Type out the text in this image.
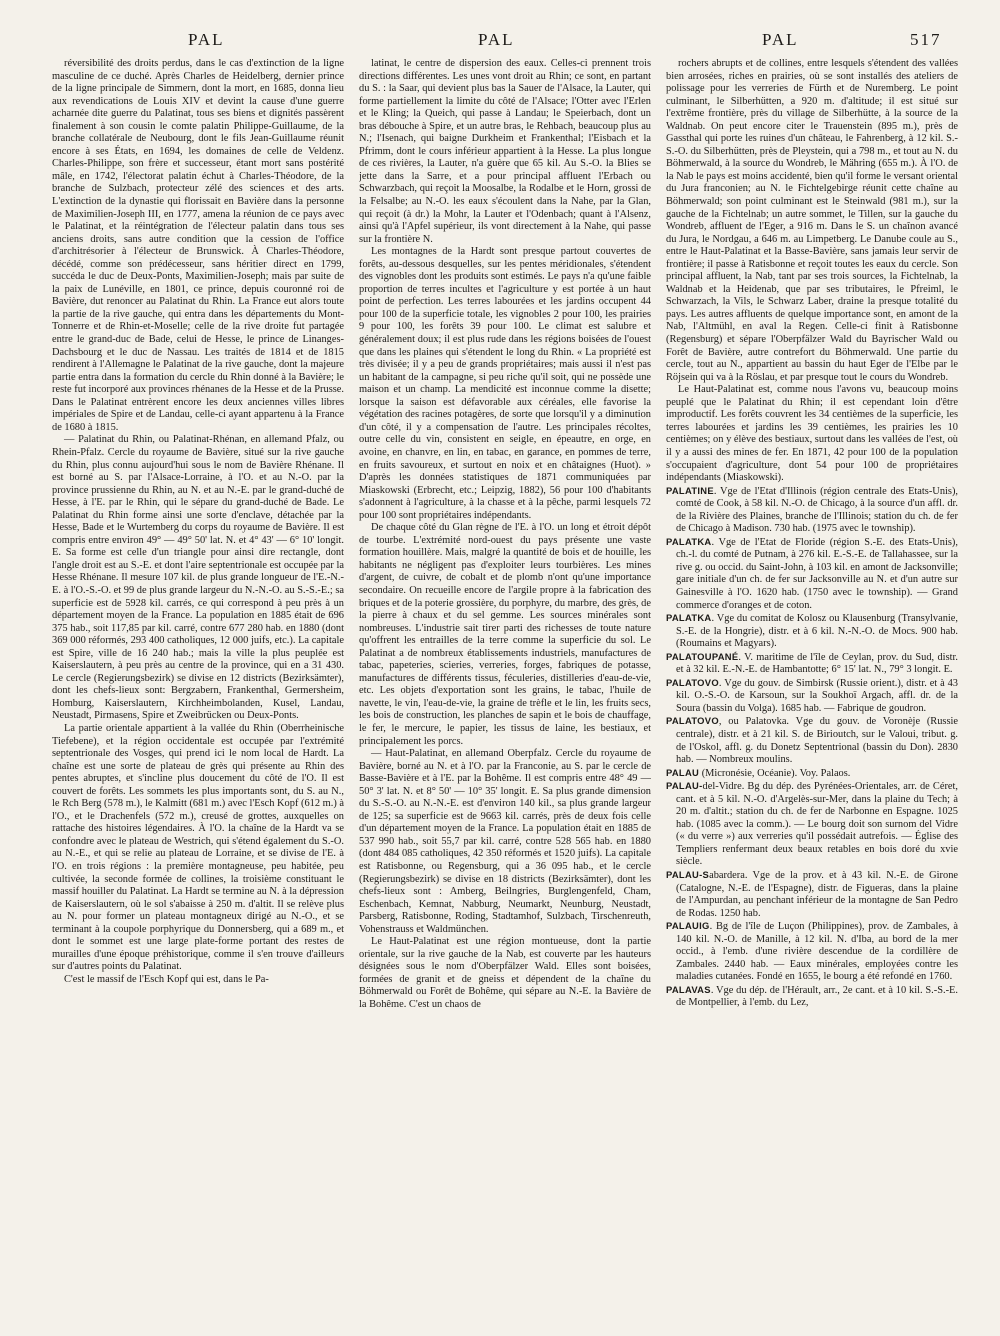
PAL	PAL	PAL	517

réversibilité des droits perdus, dans le cas d'extinction de la ligne masculine de ce duché. Après Charles de Heidelberg, dernier prince de la ligne principale de Simmern, dont la mort, en 1685, donna lieu aux revendications de Louis XIV et devint la cause d'une guerre acharnée dite guerre du Palatinat, tous ses biens et dignités passèrent finalement à son cousin le comte palatin Philippe-Guillaume, de la branche collatérale de Neubourg, dont le fils Jean-Guillaume réunit encore à ses États, en 1694, les domaines de celle de Veldenz. Charles-Philippe, son frère et successeur, étant mort sans postérité mâle, en 1742, l'électorat palatin échut à Charles-Théodore, de la branche de Sulzbach, protecteur zélé des sciences et des arts. L'extinction de la dynastie qui florissait en Bavière dans la personne de Maximilien-Joseph III, en 1777, amena la réunion de ce pays avec le Palatinat, et la réintégration de l'électeur palatin dans tous ses anciens droits, sans autre condition que la cession de l'office d'architrésorier à l'électeur de Brunswick. À Charles-Théodore, décédé, comme son prédécesseur, sans héritier direct en 1799, succéda le duc de Deux-Ponts, Maximilien-Joseph; mais par suite de la paix de Lunéville, en 1801, ce prince, depuis couronné roi de Bavière, dut renoncer au Palatinat du Rhin. La France eut alors toute la partie de la rive gauche, qui entra dans les départements du Mont-Tonnerre et de Rhin-et-Moselle; celle de la rive droite fut partagée entre le grand-duc de Bade, celui de Hesse, le prince de Linanges-Dachsbourg et le duc de Nassau. Les traités de 1814 et de 1815 rendirent à l'Allemagne le Palatinat de la rive gauche, dont la majeure partie entra dans la formation du cercle du Rhin donné à la Bavière; le reste fut incorporé aux provinces rhénanes de la Hesse et de la Prusse. Dans le Palatinat entrèrent encore les deux anciennes villes libres impériales de Spire et de Landau, celle-ci ayant appartenu à la France de 1680 à 1815.

— Palatinat du Rhin, ou Palatinat-Rhénan, en allemand Pfalz, ou Rhein-Pfalz. Cercle du royaume de Bavière, situé sur la rive gauche du Rhin, plus connu aujourd'hui sous le nom de Bavière Rhénane. Il est borné au S. par l'Alsace-Lorraine, à l'O. et au N.-O. par la province prussienne du Rhin, au N. et au N.-E. par le grand-duché de Hesse, à l'E. par le Rhin, qui le sépare du grand-duché de Bade. Le Palatinat du Rhin forme ainsi une sorte d'enclave, détachée par la Hesse, Bade et le Wurtemberg du corps du royaume de Bavière. Il est compris entre environ 49° — 49° 50' lat. N. et 4° 43' — 6° 10' longit. E. Sa forme est celle d'un triangle pour ainsi dire rectangle, dont l'angle droit est au S.-E. et dont l'aire septentrionale est occupée par la Hesse Rhénane. Il mesure 107 kil. de plus grande longueur de l'E.-N.-E. à l'O.-S.-O. et 99 de plus grande largeur du N.-N.-O. au S.-S.-E.; sa superficie est de 5928 kil. carrés, ce qui correspond à peu près à un département moyen de la France. La population en 1885 était de 696 375 hab., soit 117,85 par kil. carré, contre 677 280 hab. en 1880 (dont 369 000 réformés, 293 400 catholiques, 12 000 juifs, etc.). La capitale est Spire, ville de 16 240 hab.; mais la ville la plus peuplée est Kaiserslautern, à peu près au centre de la province, qui en a 31 430. Le cercle (Regierungsbezirk) se divise en 12 districts (Bezirksämter), dont les chefs-lieux sont: Bergzabern, Frankenthal, Germersheim, Homburg, Kaiserslautern, Kirchheimbolanden, Kusel, Landau, Neustadt, Pirmasens, Spire et Zweibrücken ou Deux-Ponts.

La partie orientale appartient à la vallée du Rhin (Oberrheinische Tiefebene), et la région occidentale est occupée par l'extrémité septentrionale des Vosges, qui prend ici le nom local de Hardt. La chaîne est une sorte de plateau de grès qui présente au Rhin des pentes abruptes, et s'incline plus doucement du côté de l'O. Il est couvert de forêts. Les sommets les plus importants sont, du S. au N., le Rch Berg (578 m.), le Kalmitt (681 m.) avec l'Esch Kopf (612 m.) à l'O., et le Drachenfels (572 m.), creusé de grottes, auxquelles on rattache des histoires légendaires. À l'O. la chaîne de la Hardt va se confondre avec le plateau de Westrich, qui s'étend également du S.-O. au N.-E., et qui se relie au plateau de Lorraine, et se divise de l'E. à l'O. en trois régions : la première montagneuse, peu habitée, peu cultivée, la seconde formée de collines, la troisième constituant le massif houiller du Palatinat. La Hardt se termine au N. à la dépression de Kaiserslautern, où le sol s'abaisse à 250 m. d'altit. Il se relève plus au N. pour former un plateau montagneux dirigé au N.-O., et se terminant à la coupole porphyrique du Donnersberg, qui a 689 m., et dont le sommet est une large plate-forme portant des restes de murailles d'une époque préhistorique, comme il s'en trouve d'ailleurs sur d'autres points du Palatinat.

C'est le massif de l'Esch Kopf qui est, dans le Pa-

latinat, le centre de dispersion des eaux. Celles-ci prennent trois directions différentes. Les unes vont droit au Rhin; ce sont, en partant du S. : la Saar, qui devient plus bas la Sauer de l'Alsace, la Lauter, qui forme partiellement la limite du côté de l'Alsace; l'Otter avec l'Erlen et le Kling; la Queich, qui passe à Landau; le Speierbach, dont un bras débouche à Spire, et un autre bras, le Rehbach, beaucoup plus au N.; l'Isenach, qui baigne Durkheim et Frankenthal; l'Eisbach et la Pfrimm, dont le cours inférieur appartient à la Hesse. La plus longue de ces rivières, la Lauter, n'a guère que 65 kil. Au S.-O. la Blies se jette dans la Sarre, et a pour principal affluent l'Erbach ou Schwarzbach, qui reçoit la Moosalbe, la Rodalbe et le Horn, grossi de la Felsalbe; au N.-O. les eaux s'écoulent dans la Nahe, par la Glan, qui reçoit (à dr.) la Mohr, la Lauter et l'Odenbach; quant à l'Alsenz, ainsi qu'à l'Apfel supérieur, ils vont directement à la Nahe, qui passe sur la frontière N.

Les montagnes de la Hardt sont presque partout couvertes de forêts, au-dessous desquelles, sur les pentes méridionales, s'étendent des vignobles dont les produits sont estimés. Le pays n'a qu'une faible proportion de terres incultes et l'agriculture y est portée à un haut point de perfection. Les terres labourées et les jardins occupent 44 pour 100 de la superficie totale, les vignobles 2 pour 100, les prairies 9 pour 100, les forêts 39 pour 100. Le climat est salubre et généralement doux; il est plus rude dans les régions boisées de l'ouest que dans les plaines qui s'étendent le long du Rhin. « La propriété est très divisée; il y a peu de grands propriétaires; mais aussi il n'est pas un habitant de la campagne, si peu riche qu'il soit, qui ne possède une maison et un champ. La mendicité est inconnue comme la disette; lorsque la saison est défavorable aux céréales, elle favorise la végétation des racines potagères, de sorte que lorsqu'il y a diminution d'un côté, il y a compensation de l'autre. Les principales récoltes, outre celle du vin, consistent en seigle, en épeautre, en orge, en avoine, en chanvre, en lin, en tabac, en garance, en pommes de terre, en fruits savoureux, et surtout en noix et en châtaignes (Huot). » D'après les données statistiques de 1871 communiquées par Miaskowski (Erbrecht, etc.; Leipzig, 1882), 56 pour 100 d'habitants s'adonnent à l'agriculture, à la chasse et à la pêche, parmi lesquels 72 pour 100 sont propriétaires indépendants.

De chaque côté du Glan règne de l'E. à l'O. un long et étroit dépôt de tourbe. L'extrémité nord-ouest du pays présente une vaste formation houillère. Mais, malgré la quantité de bois et de houille, les habitants ne négligent pas d'exploiter leurs tourbières. Les mines d'argent, de cuivre, de cobalt et de plomb n'ont qu'une importance secondaire. On recueille encore de l'argile propre à la fabrication des briques et de la poterie grossière, du porphyre, du marbre, des grès, de la pierre à chaux et du sel gemme. Les sources minérales sont nombreuses. L'industrie sait tirer parti des richesses de toute nature qu'offrent les entrailles de la terre comme la superficie du sol. Le Palatinat a de nombreux établissements industriels, manufactures de tabac, papeteries, scieries, verreries, forges, fabriques de potasse, manufactures de différents tissus, féculeries, distilleries d'eau-de-vie, etc. Les objets d'exportation sont les grains, le tabac, l'huile de navette, le vin, l'eau-de-vie, la graine de trèfle et le lin, les fruits secs, les bois de construction, les planches de sapin et le bois de chauffage, le fer, le mercure, le papier, les tissus de laine, les bestiaux, et principalement les porcs.

— Haut-Palatinat, en allemand Oberpfalz. Cercle du royaume de Bavière, borné au N. et à l'O. par la Franconie, au S. par le cercle de Basse-Bavière et à l'E. par la Bohême. Il est compris entre 48° 49 — 50° 3' lat. N. et 8° 50' — 10° 35' longit. E. Sa plus grande dimension du S.-S.-O. au N.-N.-E. est d'environ 140 kil., sa plus grande largeur de 125; sa superficie est de 9663 kil. carrés, près de deux fois celle d'un département moyen de la France. La population était en 1885 de 537 990 hab., soit 55,7 par kil. carré, contre 528 565 hab. en 1880 (dont 484 085 catholiques, 42 350 réformés et 1520 juifs). La capitale est Ratisbonne, ou Regensburg, qui a 36 095 hab., et le cercle (Regierungsbezirk) se divise en 18 districts (Bezirksämter), dont les chefs-lieux sont : Amberg, Beilngries, Burglengenfeld, Cham, Eschenbach, Kemnat, Nabburg, Neumarkt, Neunburg, Neustadt, Parsberg, Ratisbonne, Roding, Stadtamhof, Sulzbach, Tirschenreuth, Vohenstrauss et Waldmünchen.

Le Haut-Palatinat est une région montueuse, dont la partie orientale, sur la rive gauche de la Nab, est couverte par les hauteurs désignées sous le nom d'Oberpfälzer Wald. Elles sont boisées, formées de granit et de gneiss et dépendent de la chaîne du Böhmerwald ou Forêt de Bohême, qui sépare au N.-E. la Bavière de la Bohême. C'est un chaos de

rochers abrupts et de collines, entre lesquels s'étendent des vallées bien arrosées, riches en prairies, où se sont installés des ateliers de polissage pour les verreries de Fürth et de Nuremberg. Le point culminant, le Silberhütten, a 920 m. d'altitude; il est situé sur l'extrême frontière, près du village de Silberhütte, à la source de la Waldnab. On peut encore citer le Trauenstein (895 m.), près de Gassthal qui porte les ruines d'un château, le Fahrenberg, à 12 kil. S.-S.-O. du Silberhütten, près de Pleystein, qui a 798 m., et tout au N. du Böhmerwald, à la source du Wondreb, le Mähring (655 m.). À l'O. de la Nab le pays est moins accidenté, bien qu'il forme le versant oriental du Jura franconien; au N. le Fichtelgebirge réunit cette chaîne au Böhmerwald; son point culminant est le Steinwald (981 m.), sur la gauche de la Fichtelnab; un autre sommet, le Tillen, sur la gauche du Wondreb, affluent de l'Eger, a 916 m. Dans le S. un chaînon avancé du Jura, le Nordgau, a 646 m. au Limpetberg. Le Danube coule au S., entre le Haut-Palatinat et la Basse-Bavière, sans jamais leur servir de frontière; il passe à Ratisbonne et reçoit toutes les eaux du cercle. Son principal affluent, la Nab, tant par ses trois sources, la Fichtelnab, la Waldnab et la Heidenab, que par ses tributaires, le Pfreiml, le Schwarzach, la Vils, le Schwarz Laber, draine la presque totalité du pays. Les autres affluents de quelque importance sont, en amont de la Nab, l'Altmühl, en aval la Regen. Celle-ci finit à Ratisbonne (Regensburg) et sépare l'Oberpfälzer Wald du Bayrischer Wald ou Forêt de Bavière, autre contrefort du Böhmerwald. Une partie du cercle, tout au N., appartient au bassin du haut Eger de l'Elbe par le Röjsein qui va à la Röslau, et par presque tout le cours du Wondreb.

Le Haut-Palatinat est, comme nous l'avons vu, beaucoup moins peuplé que le Palatinat du Rhin; il est cependant loin d'être improductif. Les forêts couvrent les 34 centièmes de la superficie, les terres labourées et jardins les 39 centièmes, les prairies les 10 centièmes; on y élève des bestiaux, surtout dans les vallées de l'est, où il y a aussi des mines de fer. En 1871, 42 pour 100 de la population s'occupaient d'agriculture, dont 54 pour 100 de propriétaires indépendants (Miaskowski).

PALATINE. Vge de l'Etat d'Illinois (région centrale des Etats-Unis), comté de Cook, à 58 kil. N.-O. de Chicago, à la source d'un affl. dr. de la Rivière des Plaines, branche de l'Illinois; station du ch. de fer de Chicago à Madison. 730 hab. (1975 avec le township).

PALATKA. Vge de l'Etat de Floride (région S.-E. des Etats-Unis), ch.-l. du comté de Putnam, à 276 kil. E.-S.-E. de Tallahassee, sur la rive g. ou occid. du Saint-John, à 103 kil. en amont de Jacksonville; gare initiale d'un ch. de fer sur Jacksonville au N. et d'un autre sur Gainesville à l'O. 1620 hab. (1750 avec le township). — Grand commerce d'oranges et de coton.

PALATKA. Vge du comitat de Kolosz ou Klausenburg (Transylvanie, S.-E. de la Hongrie), distr. et à 6 kil. N.-N.-O. de Mocs. 900 hab. (Roumains et Magyars).

PALATOUPANÉ. V. maritime de l'île de Ceylan, prov. du Sud, distr. et à 32 kil. E.-N.-E. de Hambantotte; 6° 15' lat. N., 79° 3 longit. E.

PALATOVO. Vge du gouv. de Simbirsk (Russie orient.), distr. et à 43 kil. O.-S.-O. de Karsoun, sur la Soukhoï Argach, affl. dr. de la Soura (bassin du Volga). 1685 hab. — Fabrique de goudron.

PALATOVO, ou Palatovka. Vge du gouv. de Voronèje (Russie centrale), distr. et à 21 kil. S. de Birioutch, sur le Valoui, tribut. g. de l'Oskol, affl. g. du Donetz Septentrional (bassin du Don). 2830 hab. — Nombreux moulins.

PALAU (Micronésie, Océanie). Voy. Palaos.

PALAU-del-Vidre. Bg du dép. des Pyrénées-Orientales, arr. de Céret, cant. et à 5 kil. N.-O. d'Argelès-sur-Mer, dans la plaine du Tech; à 20 m. d'altit.; station du ch. de fer de Narbonne en Espagne. 1025 hab. (1085 avec la comm.). — Le bourg doit son surnom del Vidre (« du verre ») aux verreries qu'il possédait autrefois. — Église des Templiers renfermant deux beaux retables en bois doré du xvie siècle.

PALAU-Sabardera. Vge de la prov. et à 43 kil. N.-E. de Girone (Catalogne, N.-E. de l'Espagne), distr. de Figueras, dans la plaine de l'Ampurdan, au penchant inférieur de la montagne de San Pedro de Rodas. 1250 hab.

PALAUIG. Bg de l'île de Luçon (Philippines), prov. de Zambales, à 140 kil. N.-O. de Manille, à 12 kil. N. d'Iba, au bord de la mer occid., à l'emb. d'une rivière descendue de la cordillère de Zambales. 2440 hab. — Eaux minérales, employées contre les maladies cutanées. Fondé en 1655, le bourg a été refondé en 1760.

PALAVAS. Vge du dép. de l'Hérault, arr., 2e cant. et à 10 kil. S.-S.-E. de Montpellier, à l'emb. du Lez,
